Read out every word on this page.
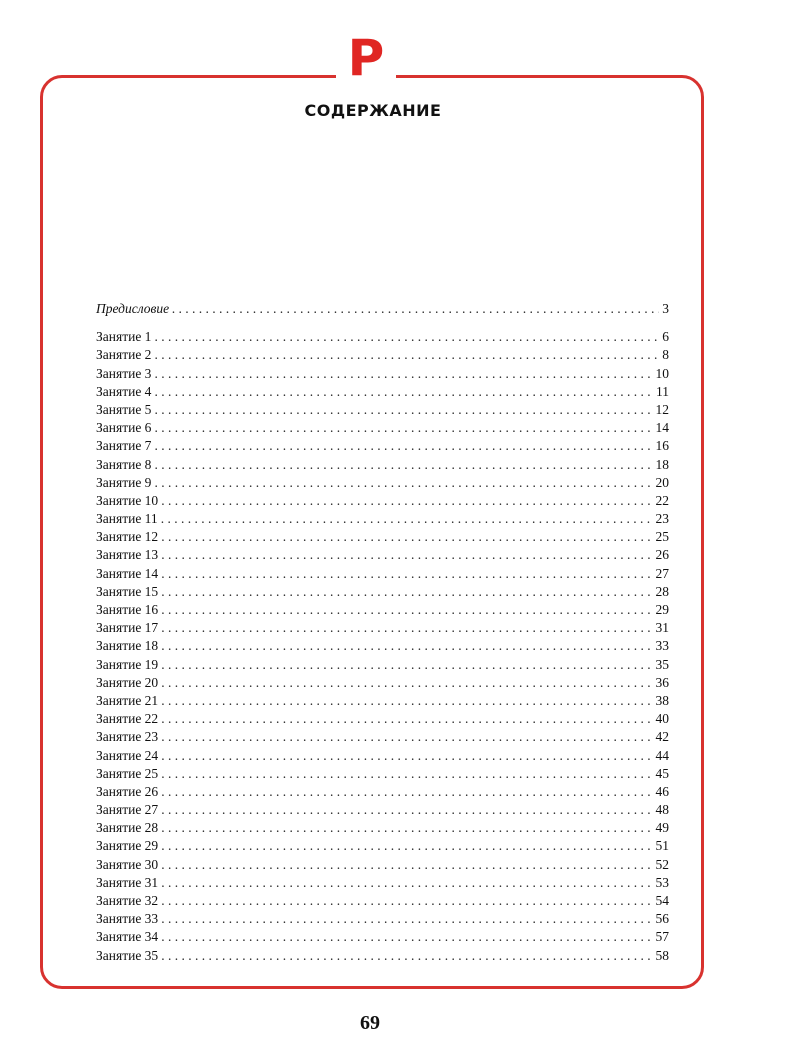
P
СОДЕРЖАНИЕ
Предисловие . . .	3
Занятие 1 . . .	6
Занятие 2 . . .	8
Занятие 3 . . .	10
Занятие 4 . . .	11
Занятие 5 . . .	12
Занятие 6 . . .	14
Занятие 7 . . .	16
Занятие 8 . . .	18
Занятие 9 . . .	20
Занятие 10 . . .	22
Занятие 11 . . .	23
Занятие 12 . . .	25
Занятие 13 . . .	26
Занятие 14 . . .	27
Занятие 15 . . .	28
Занятие 16 . . .	29
Занятие 17 . . .	31
Занятие 18 . . .	33
Занятие 19 . . .	35
Занятие 20 . . .	36
Занятие 21 . . .	38
Занятие 22 . . .	40
Занятие 23 . . .	42
Занятие 24 . . .	44
Занятие 25 . . .	45
Занятие 26 . . .	46
Занятие 27 . . .	48
Занятие 28 . . .	49
Занятие 29 . . .	51
Занятие 30 . . .	52
Занятие 31 . . .	53
Занятие 32 . . .	54
Занятие 33 . . .	56
Занятие 34 . . .	57
Занятие 35 . . .	58
69
